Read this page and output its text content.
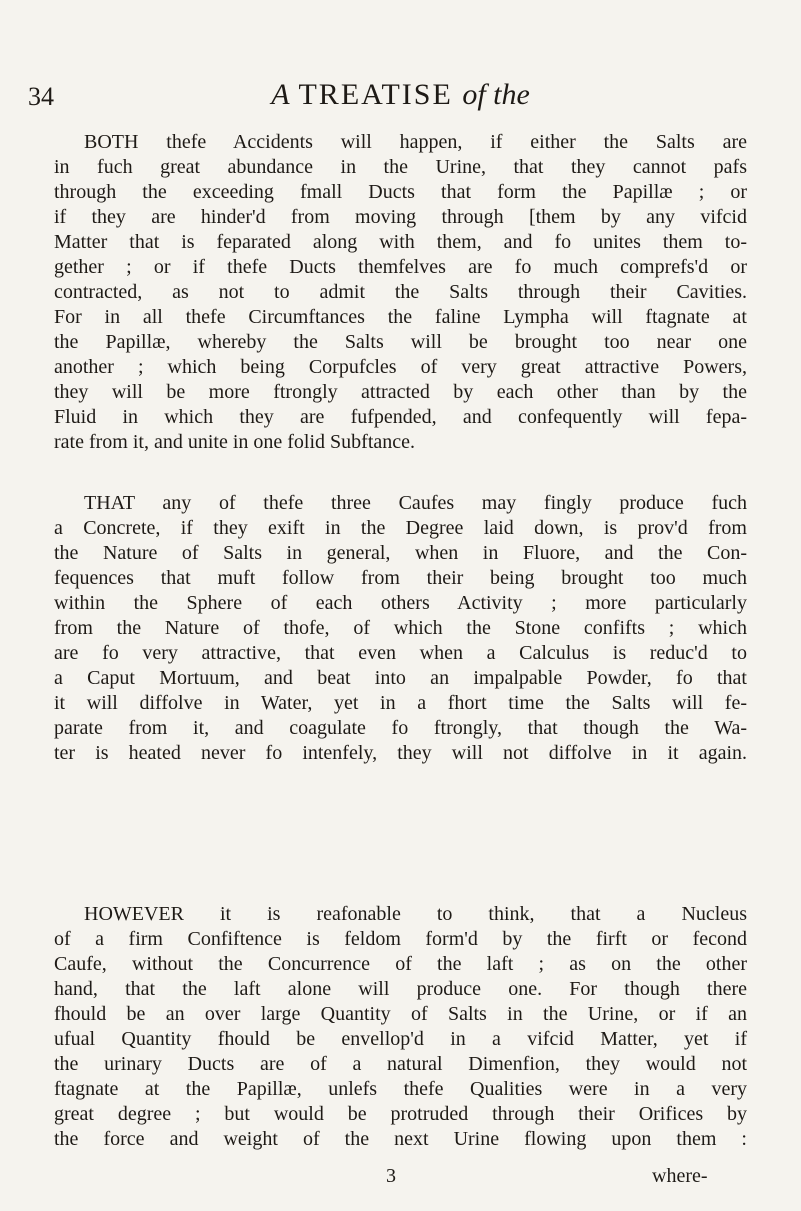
34	A TREATISE of the
BOTH thefe Accidents will happen, if either the Salts are
in fuch great abundance in the Urine, that they cannot pafs
through the exceeding fmall Ducts that form the Papillæ ; or
if they are hinder'd from moving through [them by any vifcid
Matter that is feparated along with them, and fo unites them to-
gether ; or if thefe Ducts themfelves are fo much comprefs'd or
contracted, as not to admit the Salts through their Cavities.
For in all thefe Circumftances the faline Lympha will ftagnate at
the Papillæ, whereby the Salts will be brought too near one
another ; which being Corpufcles of very great attractive Powers,
they will be more ftrongly attracted by each other than by the
Fluid in which they are fufpended, and confequently will fepa-
rate from it, and unite in one folid Subftance.
THAT any of thefe three Caufes may fingly produce fuch
a Concrete, if they exift in the Degree laid down, is prov'd from
the Nature of Salts in general, when in Fluore, and the Con-
fequences that muft follow from their being brought too much
within the Sphere of each others Activity ; more particularly
from the Nature of thofe, of which the Stone confifts ; which
are fo very attractive, that even when a Calculus is reduc'd to
a Caput Mortuum, and beat into an impalpable Powder, fo that
it will diffolve in Water, yet in a fhort time the Salts will fe-
parate from it, and coagulate fo ftrongly, that though the Wa-
ter is heated never fo intenfely, they will not diffolve in it again.
HOWEVER it is reafonable to think, that a Nucleus
of a firm Confiftence is feldom form'd by the firft or fecond
Caufe, without the Concurrence of the laft ; as on the other
hand, that the laft alone will produce one. For though there
fhould be an over large Quantity of Salts in the Urine, or if an
ufual Quantity fhould be envellop'd in a vifcid Matter, yet if
the urinary Ducts are of a natural Dimenfion, they would not
ftagnate at the Papillæ, unlefs thefe Qualities were in a very
great degree ; but would be protruded through their Orifices by
the force and weight of the next Urine flowing upon them :
3	where-
